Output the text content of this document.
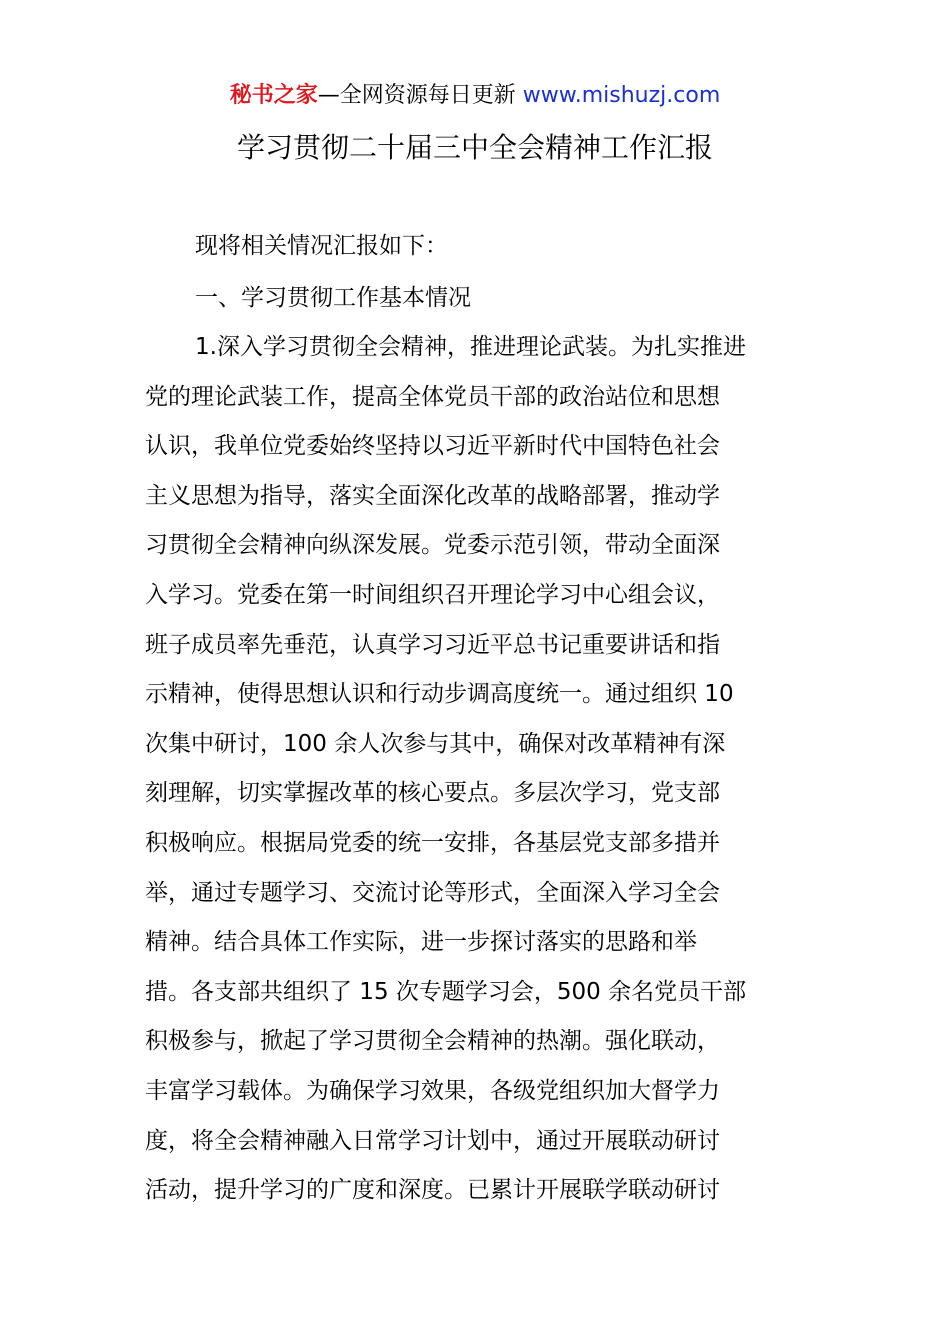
秘书之家—全网资源每日更新 www.mishuzj.com
学习贯彻二十届三中全会精神工作汇报
现将相关情况汇报如下：
一、学习贯彻工作基本情况
1.深入学习贯彻全会精神，推进理论武装。为扎实推进
党的理论武装工作，提高全体党员干部的政治站位和思想
认识，我单位党委始终坚持以习近平新时代中国特色社会
主义思想为指导，落实全面深化改革的战略部署，推动学
习贯彻全会精神向纵深发展。党委示范引领，带动全面深
入学习。党委在第一时间组织召开理论学习中心组会议，
班子成员率先垂范，认真学习习近平总书记重要讲话和指
示精神，使得思想认识和行动步调高度统一。通过组织 10
次集中研讨，100 余人次参与其中，确保对改革精神有深
刻理解，切实掌握改革的核心要点。多层次学习，党支部
积极响应。根据局党委的统一安排，各基层党支部多措并
举，通过专题学习、交流讨论等形式，全面深入学习全会
精神。结合具体工作实际，进一步探讨落实的思路和举
措。各支部共组织了 15 次专题学习会，500 余名党员干部
积极参与，掀起了学习贯彻全会精神的热潮。强化联动，
丰富学习载体。为确保学习效果，各级党组织加大督学力
度，将全会精神融入日常学习计划中，通过开展联动研讨
活动，提升学习的广度和深度。已累计开展联学联动研讨
